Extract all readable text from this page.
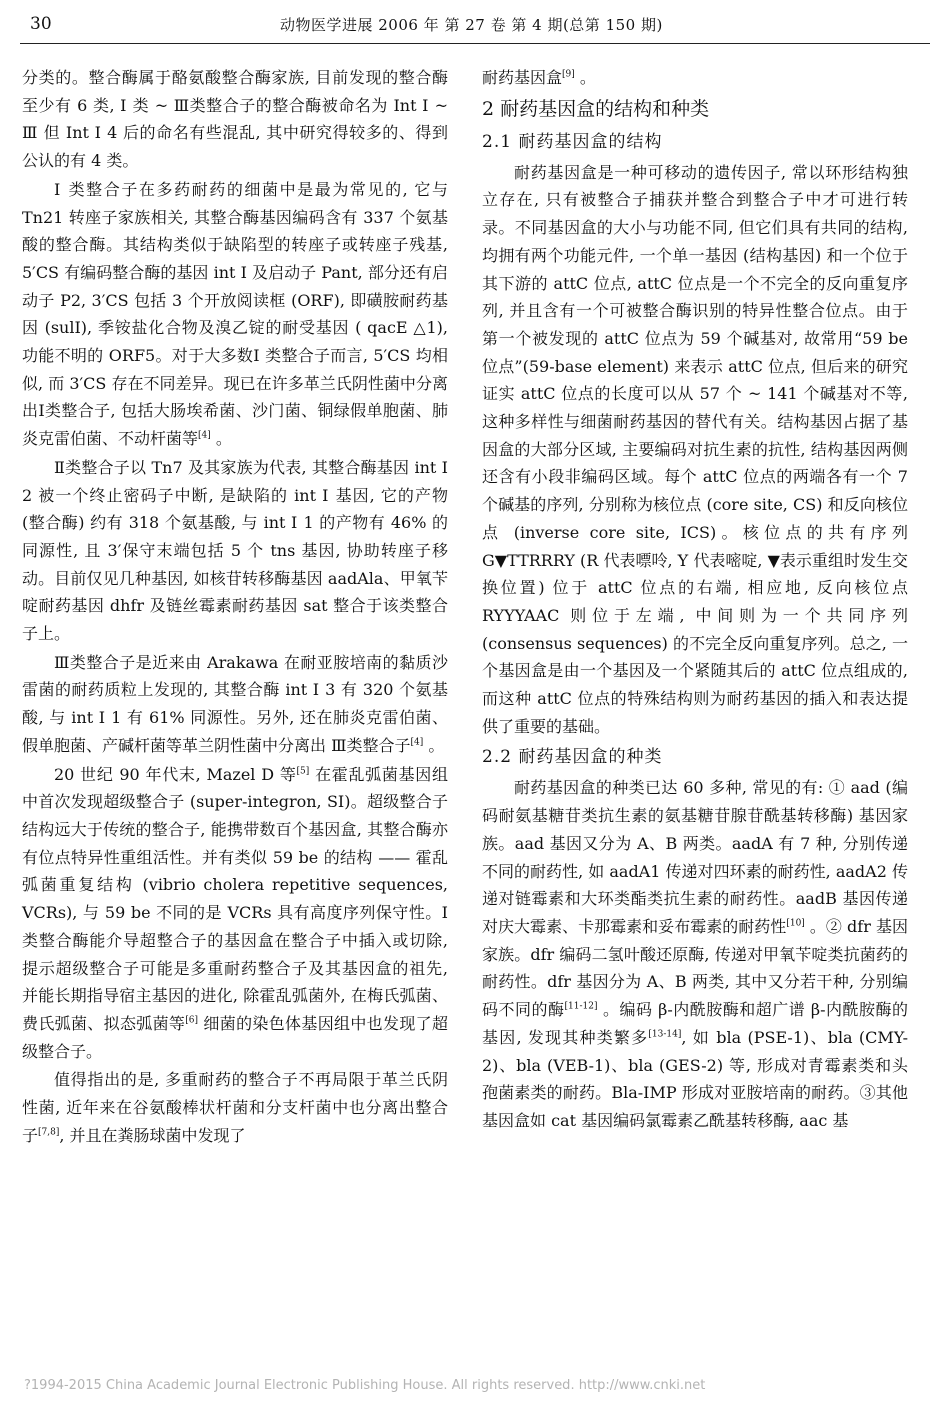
30	动物医学进展 2006 年 第 27 卷 第 4 期(总第 150 期)

分类的。整合酶属于酪氨酸整合酶家族, 目前发现的整合酶至少有 6 类, Ⅰ 类 ~ Ⅲ类整合子的整合酶被命名为 Int Ⅰ ~ Ⅲ 但 Int Ⅰ 4 后的命名有些混乱, 其中研究得较多的、得到公认的有 4 类。

Ⅰ 类整合子在多药耐药的细菌中是最为常见的, 它与 Tn21 转座子家族相关, 其整合酶基因编码含有 337 个氨基酸的整合酶。其结构类似于缺陷型的转座子或转座子残基, 5′CS 有编码整合酶的基因 int Ⅰ 及启动子 Pant, 部分还有启动子 P2, 3′CS 包括 3 个开放阅读框 (ORF), 即磺胺耐药基因 (sulI), 季铵盐化合物及溴乙锭的耐受基因 ( qacE △1), 功能不明的 ORF5。对于大多数Ⅰ 类整合子而言, 5′CS 均相似, 而 3′CS 存在不同差异。现已在许多革兰氏阴性菌中分离出Ⅰ类整合子, 包括大肠埃希菌、沙门菌、铜绿假单胞菌、肺炎克雷伯菌、不动杆菌等[4] 。

Ⅱ类整合子以 Tn7 及其家族为代表, 其整合酶基因 int Ⅰ 2 被一个终止密码子中断, 是缺陷的 int Ⅰ 基因, 它的产物 (整合酶) 约有 318 个氨基酸, 与 int Ⅰ 1 的产物有 46% 的同源性, 且 3′保守末端包括 5 个 tns 基因, 协助转座子移动。目前仅见几种基因, 如核苷转移酶基因 aadAla、甲氧苄啶耐药基因 dhfr 及链丝霉素耐药基因 sat 整合于该类整合子上。

Ⅲ类整合子是近来由 Arakawa 在耐亚胺培南的黏质沙雷菌的耐药质粒上发现的, 其整合酶 int Ⅰ 3 有 320 个氨基酸, 与 int Ⅰ 1 有 61% 同源性。另外, 还在肺炎克雷伯菌、假单胞菌、产碱杆菌等革兰阴性菌中分离出 Ⅲ类整合子[4] 。

20 世纪 90 年代末, Mazel D 等[5] 在霍乱弧菌基因组中首次发现超级整合子 (super-integron, SI)。超级整合子结构远大于传统的整合子, 能携带数百个基因盒, 其整合酶亦有位点特异性重组活性。并有类似 59 be 的结构 —— 霍乱弧菌重复结构 (vibrio cholera repetitive sequences, VCRs), 与 59 be 不同的是 VCRs 具有高度序列保守性。Ⅰ 类整合酶能介导超整合子的基因盒在整合子中插入或切除, 提示超级整合子可能是多重耐药整合子及其基因盒的祖先, 并能长期指导宿主基因的进化, 除霍乱弧菌外, 在梅氏弧菌、费氏弧菌、拟态弧菌等[6] 细菌的染色体基因组中也发现了超级整合子。

值得指出的是, 多重耐药的整合子不再局限于革兰氏阴性菌, 近年来在谷氨酸棒状杆菌和分支杆菌中也分离出整合子[7,8], 并且在粪肠球菌中发现了

耐药基因盒[9] 。

2 耐药基因盒的结构和种类

2.1 耐药基因盒的结构

耐药基因盒是一种可移动的遗传因子, 常以环形结构独立存在, 只有被整合子捕获并整合到整合子中才可进行转录。不同基因盒的大小与功能不同, 但它们具有共同的结构, 均拥有两个功能元件, 一个单一基因 (结构基因) 和一个位于其下游的 attC 位点, attC 位点是一个不完全的反向重复序列, 并且含有一个可被整合酶识别的特异性整合位点。由于第一个被发现的 attC 位点为 59 个碱基对, 故常用“59 be 位点”(59-base element) 来表示 attC 位点, 但后来的研究证实 attC 位点的长度可以从 57 个 ~ 141 个碱基对不等, 这种多样性与细菌耐药基因的替代有关。结构基因占据了基因盒的大部分区域, 主要编码对抗生素的抗性, 结构基因两侧还含有小段非编码区域。每个 attC 位点的两端各有一个 7 个碱基的序列, 分别称为核位点 (core site, CS) 和反向核位点 (inverse core site, ICS)。核位点的共有序列 G▼TTRRRY (R 代表嘌呤, Y 代表嘧啶, ▼表示重组时发生交换位置) 位于 attC 位点的右端, 相应地, 反向核位点 RYYYAAC 则位于左端, 中间则为一个共同序列 (consensus sequences) 的不完全反向重复序列。总之, 一个基因盒是由一个基因及一个紧随其后的 attC 位点组成的, 而这种 attC 位点的特殊结构则为耐药基因的插入和表达提供了重要的基础。

2.2 耐药基因盒的种类

耐药基因盒的种类已达 60 多种, 常见的有: ① aad (编码耐氨基糖苷类抗生素的氨基糖苷腺苷酰基转移酶) 基因家族。aad 基因又分为 A、B 两类。aadA 有 7 种, 分别传递不同的耐药性, 如 aadA1 传递对四环素的耐药性, aadA2 传递对链霉素和大环类酯类抗生素的耐药性。aadB 基因传递对庆大霉素、卡那霉素和妥布霉素的耐药性[10] 。② dfr 基因家族。dfr 编码二氢叶酸还原酶, 传递对甲氧苄啶类抗菌药的耐药性。dfr 基因分为 A、B 两类, 其中又分若干种, 分别编码不同的酶[11-12] 。编码 β-内酰胺酶和超广谱 β-内酰胺酶的基因, 发现其种类繁多[13-14], 如 bla (PSE-1)、bla (CMY-2)、bla (VEB-1)、bla (GES-2) 等, 形成对青霉素类和头孢菌素类的耐药。Bla-IMP 形成对亚胺培南的耐药。③其他基因盒如 cat 基因编码氯霉素乙酰基转移酶, aac 基

?1994-2015 China Academic Journal Electronic Publishing House. All rights reserved. http://www.cnki.net
